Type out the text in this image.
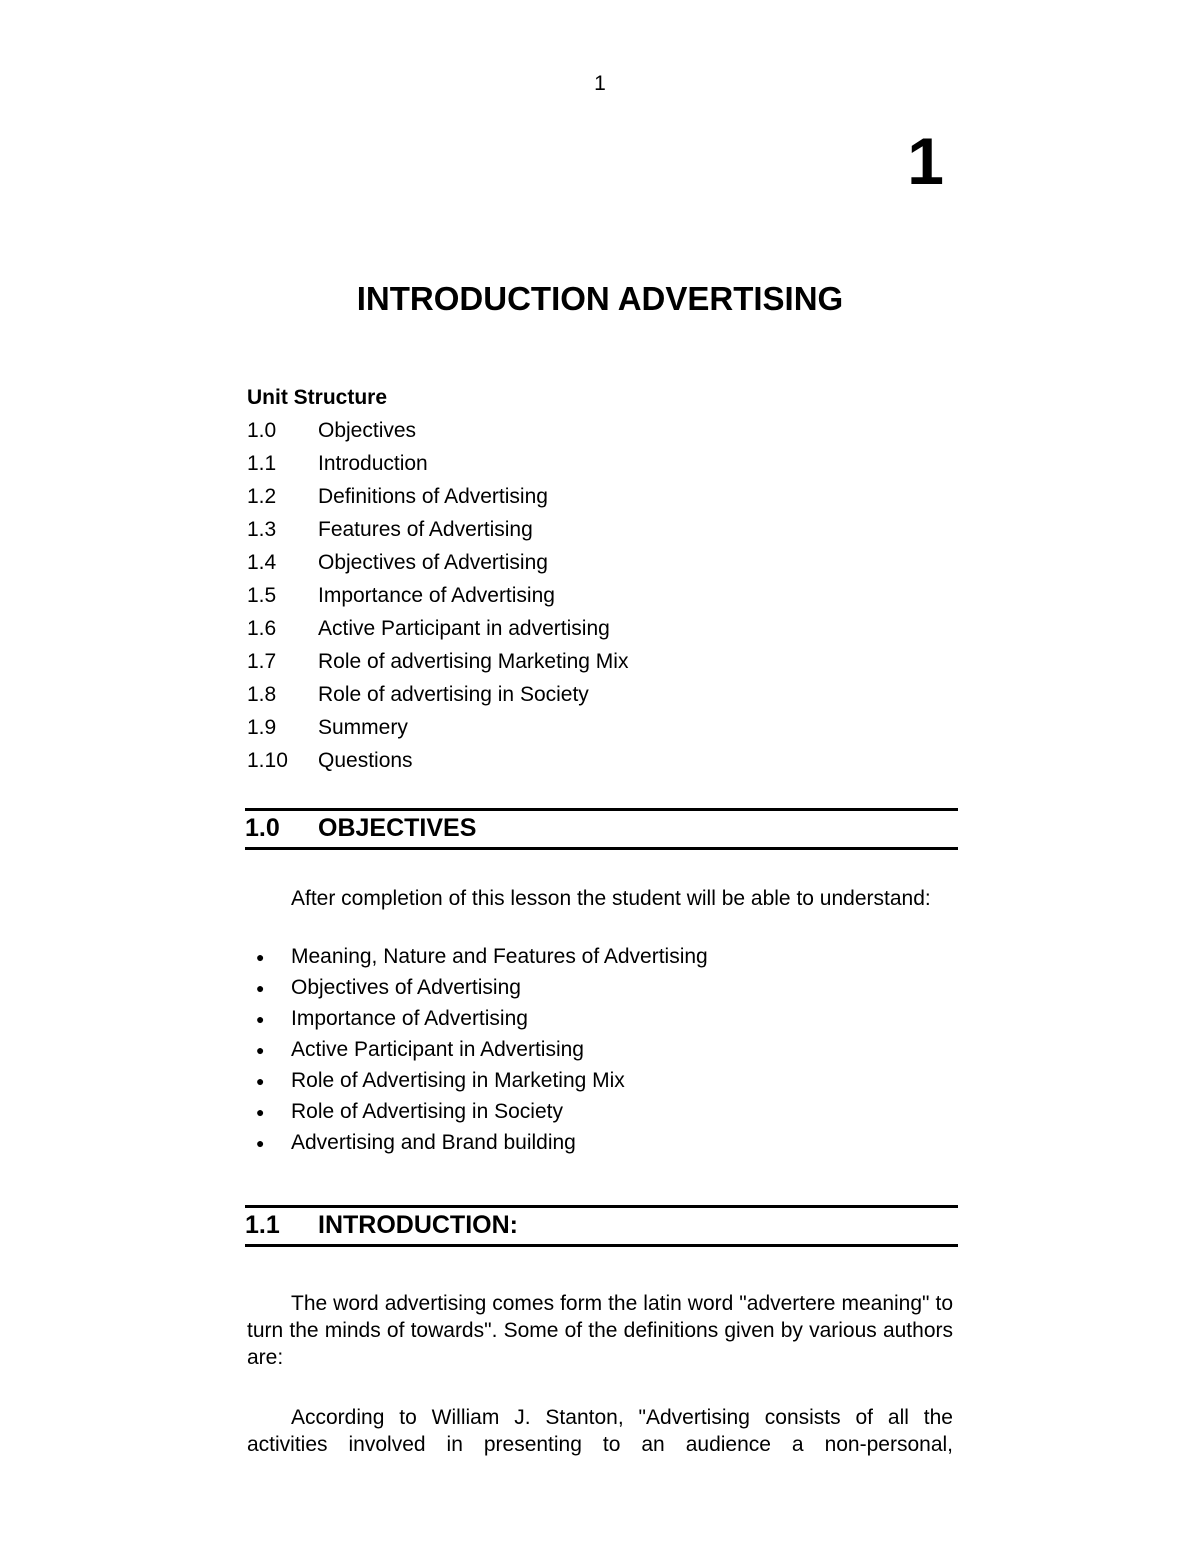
1
1
INTRODUCTION ADVERTISING
Unit Structure
1.0 Objectives
1.1 Introduction
1.2 Definitions of Advertising
1.3 Features of Advertising
1.4 Objectives of Advertising
1.5 Importance of Advertising
1.6 Active Participant in advertising
1.7 Role of advertising Marketing Mix
1.8 Role of advertising in Society
1.9 Summery
1.10 Questions
1.0 OBJECTIVES

After completion of this lesson the student will be able to understand:

● Meaning, Nature and Features of Advertising
● Objectives of Advertising
● Importance of Advertising
● Active Participant in Advertising
● Role of Advertising in Marketing Mix
● Role of Advertising in Society
● Advertising and Brand building
1.1 INTRODUCTION:

The word advertising comes form the latin word "advertere meaning" to turn the minds of towards". Some of the definitions given by various authors are:

According to William J. Stanton, "Advertising consists of all the activities involved in presenting to an audience a non-personal,
